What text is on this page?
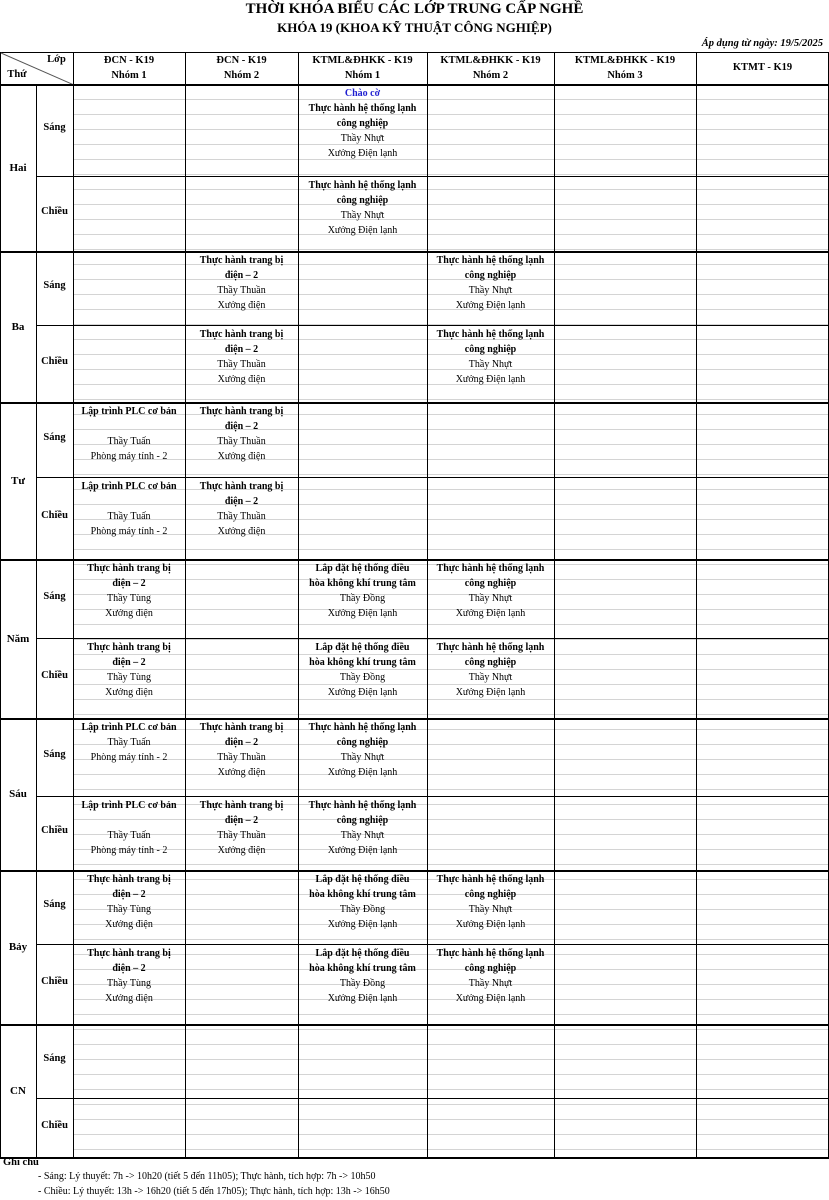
THỜI KHÓA BIỂU CÁC LỚP TRUNG CẤP NGHỀ
KHÓA 19 (KHOA KỸ THUẬT CÔNG NGHIỆP)
Áp dụng từ ngày: 19/5/2025
Lớp
Thứ
ĐCN - K19
Nhóm 1
ĐCN - K19
Nhóm 2
KTML&ĐHKK - K19
Nhóm 1
KTML&ĐHKK - K19
Nhóm 2
KTML&ĐHKK - K19
Nhóm 3
KTMT - K19
Hai
Sáng
Chào cờ
Thực hành hệ thống lạnh
công nghiệp
Thầy Nhựt
Xưởng Điện lạnh
Chiều
Thực hành hệ thống lạnh
công nghiệp
Thầy Nhựt
Xưởng Điện lạnh
Ba
Sáng
Thực hành trang bị
điện – 2
Thầy Thuần
Xưởng điện
Thực hành hệ thống lạnh
công nghiệp
Thầy Nhựt
Xưởng Điện lạnh
Chiều
Thực hành trang bị
điện – 2
Thầy Thuần
Xưởng điện
Thực hành hệ thống lạnh
công nghiệp
Thầy Nhựt
Xưởng Điện lạnh
Tư
Sáng
Lập trình PLC cơ bản

Thầy Tuấn
Phòng máy tính - 2
Thực hành trang bị
điện – 2
Thầy Thuần
Xưởng điện
Chiều
Lập trình PLC cơ bản

Thầy Tuấn
Phòng máy tính - 2
Thực hành trang bị
điện – 2
Thầy Thuần
Xưởng điện
Năm
Sáng
Thực hành trang bị
điện – 2
Thầy Tùng
Xưởng điện
Lắp đặt hệ thống điều
hòa không khí trung tâm
Thầy Đồng
Xưởng Điện lạnh
Thực hành hệ thống lạnh
công nghiệp
Thầy Nhựt
Xưởng Điện lạnh
Chiều
Thực hành trang bị
điện – 2
Thầy Tùng
Xưởng điện
Lắp đặt hệ thống điều
hòa không khí trung tâm
Thầy Đồng
Xưởng Điện lạnh
Thực hành hệ thống lạnh
công nghiệp
Thầy Nhựt
Xưởng Điện lạnh
Sáu
Sáng
Lập trình PLC cơ bản
Thầy Tuấn
Phòng máy tính - 2
Thực hành trang bị
điện – 2
Thầy Thuần
Xưởng điện
Thực hành hệ thống lạnh
công nghiệp
Thầy Nhựt
Xưởng Điện lạnh
Chiều
Lập trình PLC cơ bản

Thầy Tuấn
Phòng máy tính - 2
Thực hành trang bị
điện – 2
Thầy Thuần
Xưởng điện
Thực hành hệ thống lạnh
công nghiệp
Thầy Nhựt
Xưởng Điện lạnh
Bảy
Sáng
Thực hành trang bị
điện – 2
Thầy Tùng
Xưởng điện
Lắp đặt hệ thống điều
hòa không khí trung tâm
Thầy Đồng
Xưởng Điện lạnh
Thực hành hệ thống lạnh
công nghiệp
Thầy Nhựt
Xưởng Điện lạnh
Chiều
Thực hành trang bị
điện – 2
Thầy Tùng
Xưởng điện
Lắp đặt hệ thống điều
hòa không khí trung tâm
Thầy Đồng
Xưởng Điện lạnh
Thực hành hệ thống lạnh
công nghiệp
Thầy Nhựt
Xưởng Điện lạnh
CN
Sáng
Chiều
Ghi chú
- Sáng: Lý thuyết: 7h -> 10h20 (tiết 5 đến 11h05); Thực hành, tích hợp: 7h -> 10h50
- Chiều: Lý thuyết: 13h -> 16h20 (tiết 5 đến 17h05); Thực hành, tích hợp: 13h -> 16h50
